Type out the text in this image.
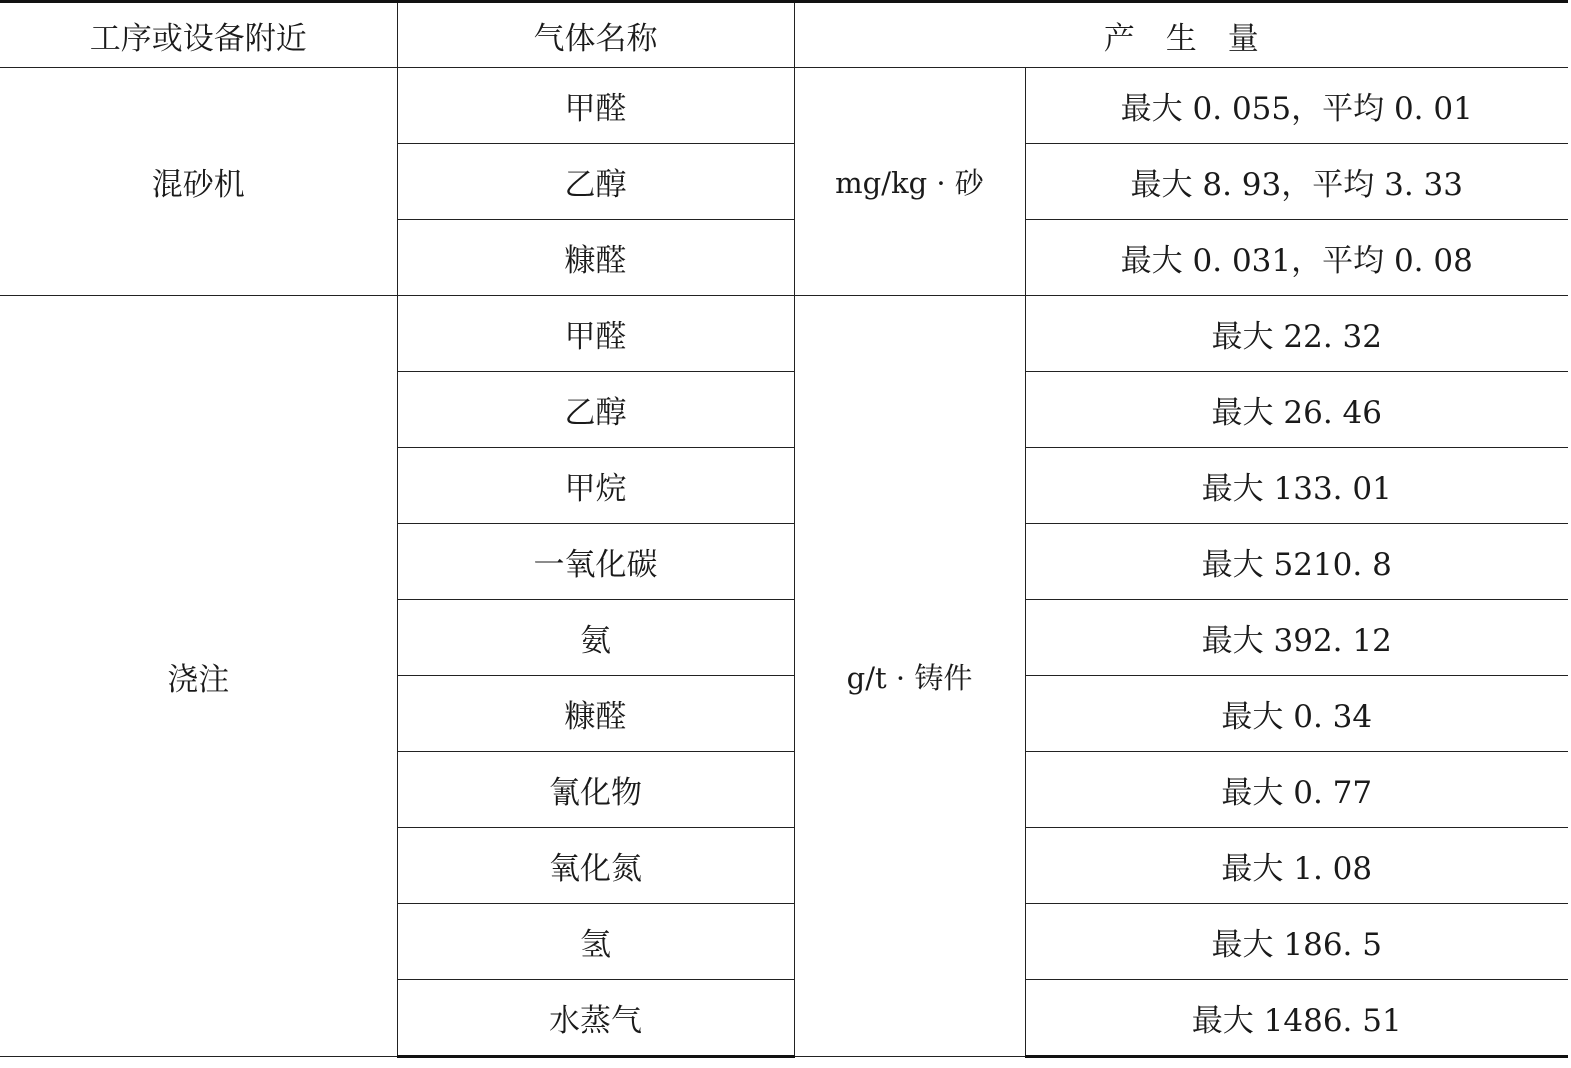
工序或设备附近	气体名称	产　生　量	
混砂机	甲醛	mg/kg · 砂	最大 0. 055，平均 0. 01
	乙醇		最大 8. 93，平均 3. 33
	糠醛		最大 0. 031，平均 0. 08
浇注	甲醛	g/t · 铸件	最大 22. 32
	乙醇		最大 26. 46
	甲烷		最大 133. 01
	一氧化碳		最大 5210. 8
	氨		最大 392. 12
	糠醛		最大 0. 34
	氰化物		最大 0. 77
	氧化氮		最大 1. 08
	氢		最大 186. 5
	水蒸气		最大 1486. 51
